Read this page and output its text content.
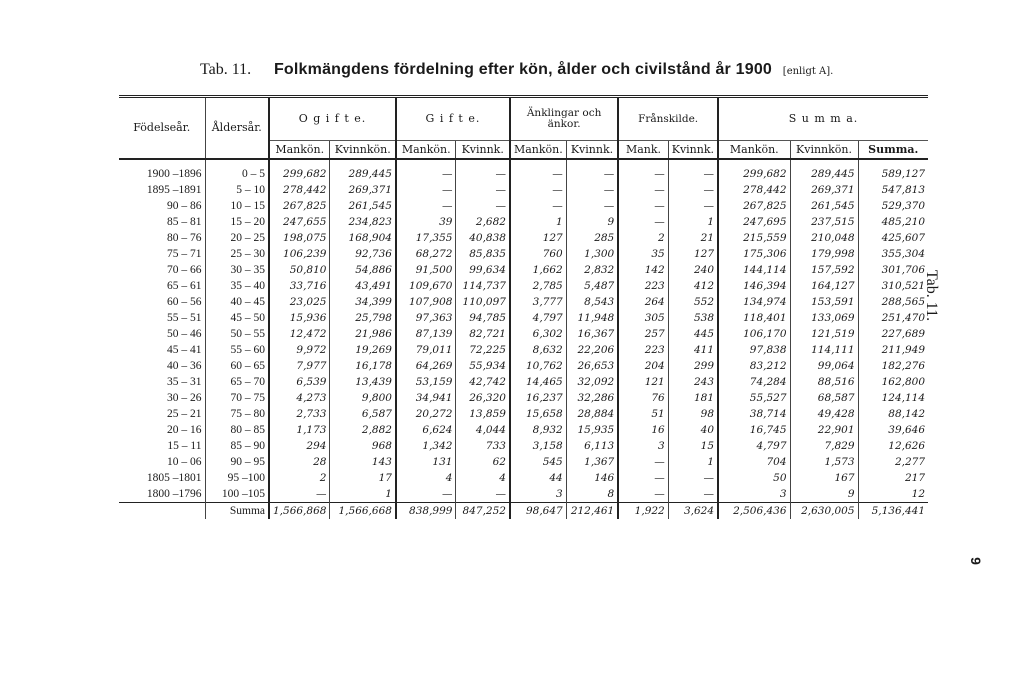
Tab. 11. Folkmängdens fördelning efter kön, ålder och civilstånd år 1900 [enligt A].
Tab. 11.
9
Födelseår.	Åldersår.	O g i f t e.		G i f t e.		Änklingar och änkor.		Frånskilde.		S u m m a.		
		Mankön.	Kvinnkön.	Mankön.	Kvinnk.	Mankön.	Kvinnk.	Mank.	Kvinnk.	Mankön.	Kvinnkön.	Summa.
1900 –1896	0 – 5	299,682	289,445	—	—	—	—	—	—	299,682	289,445	589,127
1895 –1891	5 – 10	278,442	269,371	—	—	—	—	—	—	278,442	269,371	547,813
90 – 86	10 – 15	267,825	261,545	—	—	—	—	—	—	267,825	261,545	529,370
85 – 81	15 – 20	247,655	234,823	39	2,682	1	9	—	1	247,695	237,515	485,210
80 – 76	20 – 25	198,075	168,904	17,355	40,838	127	285	2	21	215,559	210,048	425,607
75 – 71	25 – 30	106,239	92,736	68,272	85,835	760	1,300	35	127	175,306	179,998	355,304
70 – 66	30 – 35	50,810	54,886	91,500	99,634	1,662	2,832	142	240	144,114	157,592	301,706
65 – 61	35 – 40	33,716	43,491	109,670	114,737	2,785	5,487	223	412	146,394	164,127	310,521
60 – 56	40 – 45	23,025	34,399	107,908	110,097	3,777	8,543	264	552	134,974	153,591	288,565
55 – 51	45 – 50	15,936	25,798	97,363	94,785	4,797	11,948	305	538	118,401	133,069	251,470
50 – 46	50 – 55	12,472	21,986	87,139	82,721	6,302	16,367	257	445	106,170	121,519	227,689
45 – 41	55 – 60	9,972	19,269	79,011	72,225	8,632	22,206	223	411	97,838	114,111	211,949
40 – 36	60 – 65	7,977	16,178	64,269	55,934	10,762	26,653	204	299	83,212	99,064	182,276
35 – 31	65 – 70	6,539	13,439	53,159	42,742	14,465	32,092	121	243	74,284	88,516	162,800
30 – 26	70 – 75	4,273	9,800	34,941	26,320	16,237	32,286	76	181	55,527	68,587	124,114
25 – 21	75 – 80	2,733	6,587	20,272	13,859	15,658	28,884	51	98	38,714	49,428	88,142
20 – 16	80 – 85	1,173	2,882	6,624	4,044	8,932	15,935	16	40	16,745	22,901	39,646
15 – 11	85 – 90	294	968	1,342	733	3,158	6,113	3	15	4,797	7,829	12,626
10 – 06	90 – 95	28	143	131	62	545	1,367	—	1	704	1,573	2,277
1805 –1801	95 –100	2	17	4	4	44	146	—	—	50	167	217
1800 –1796	100 –105	—	1	—	—	3	8	—	—	3	9	12
	Summa	1,566,868	1,566,668	838,999	847,252	98,647	212,461	1,922	3,624	2,506,436	2,630,005	5,136,441
